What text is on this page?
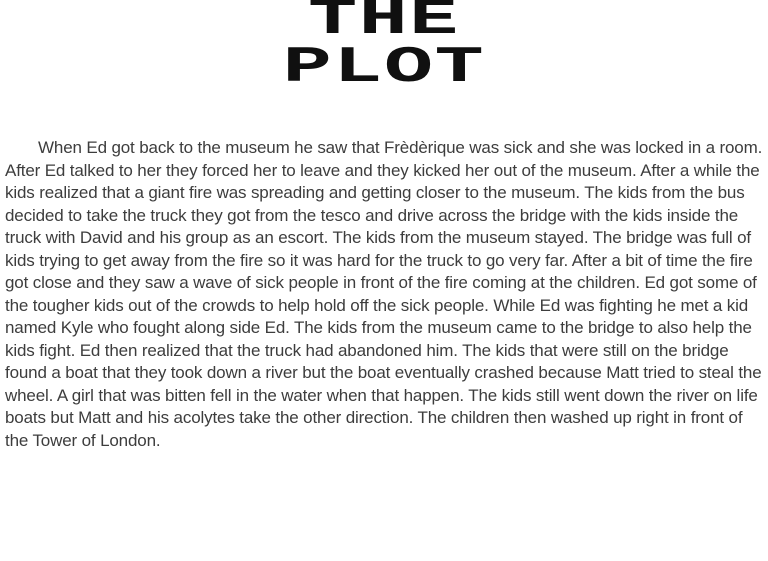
THE
PLOT

When Ed got back to the museum he saw that Frèdèrique was sick and she was locked in a room. After Ed talked to her they forced her to leave and they kicked her out of the museum. After a while the kids realized that a giant fire was spreading and getting closer to the museum. The kids from the bus decided to take the truck they got from the tesco and drive across the bridge with the kids inside the truck with David and his group as an escort. The kids from the museum stayed. The bridge was full of kids trying to get away from the fire so it was hard for the truck to go very far. After a bit of time the fire got close and they saw a wave of sick people in front of the fire coming at the children. Ed got some of the tougher kids out of the crowds to help hold off the sick people. While Ed was fighting he met a kid named Kyle who fought along side Ed. The kids from the museum came to the bridge to also help the kids fight. Ed then realized that the truck had abandoned him. The kids that were still on the bridge found a boat that they took down a river but the boat eventually crashed because Matt tried to steal the wheel. A girl that was bitten fell in the water when that happen. The kids still went down the river on life boats but Matt and his acolytes take the other direction. The children then washed up right in front of the Tower of London.
